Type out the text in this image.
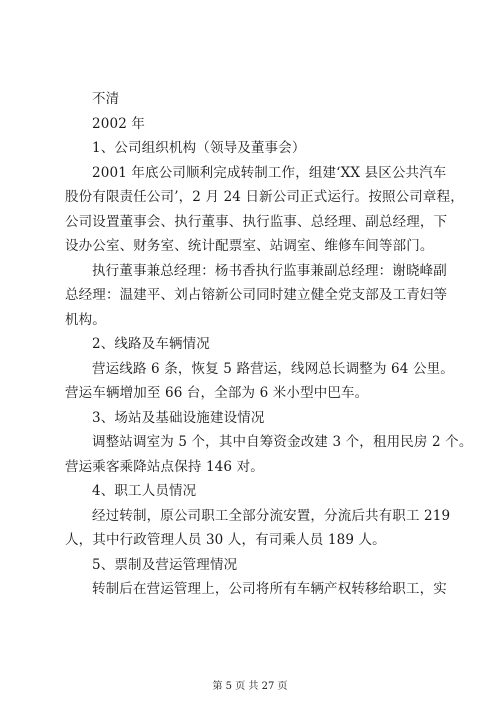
不清
2002 年
1、公司组织机构（领导及董事会）
2001 年底公司顺利完成转制工作，组建‘XX 县区公共汽车
股份有限责任公司’，2 月 24 日新公司正式运行。按照公司章程，
公司设置董事会、执行董事、执行监事、总经理、副总经理，下
设办公室、财务室、统计配票室、站调室、维修车间等部门。
执行董事兼总经理：杨书香执行监事兼副总经理：谢晓峰副
总经理：温建平、刘占镕新公司同时建立健全党支部及工青妇等
机构。
2、线路及车辆情况
营运线路 6 条，恢复 5 路营运，线网总长调整为 64 公里。
营运车辆增加至 66 台，全部为 6 米小型中巴车。
3、场站及基础设施建设情况
调整站调室为 5 个，其中自筹资金改建 3 个，租用民房 2 个。
营运乘客乘降站点保持 146 对。
4、职工人员情况
经过转制，原公司职工全部分流安置，分流后共有职工 219
人，其中行政管理人员 30 人，有司乘人员 189 人。
5、票制及营运管理情况
转制后在营运管理上，公司将所有车辆产权转移给职工，实
第 5 页 共 27 页
